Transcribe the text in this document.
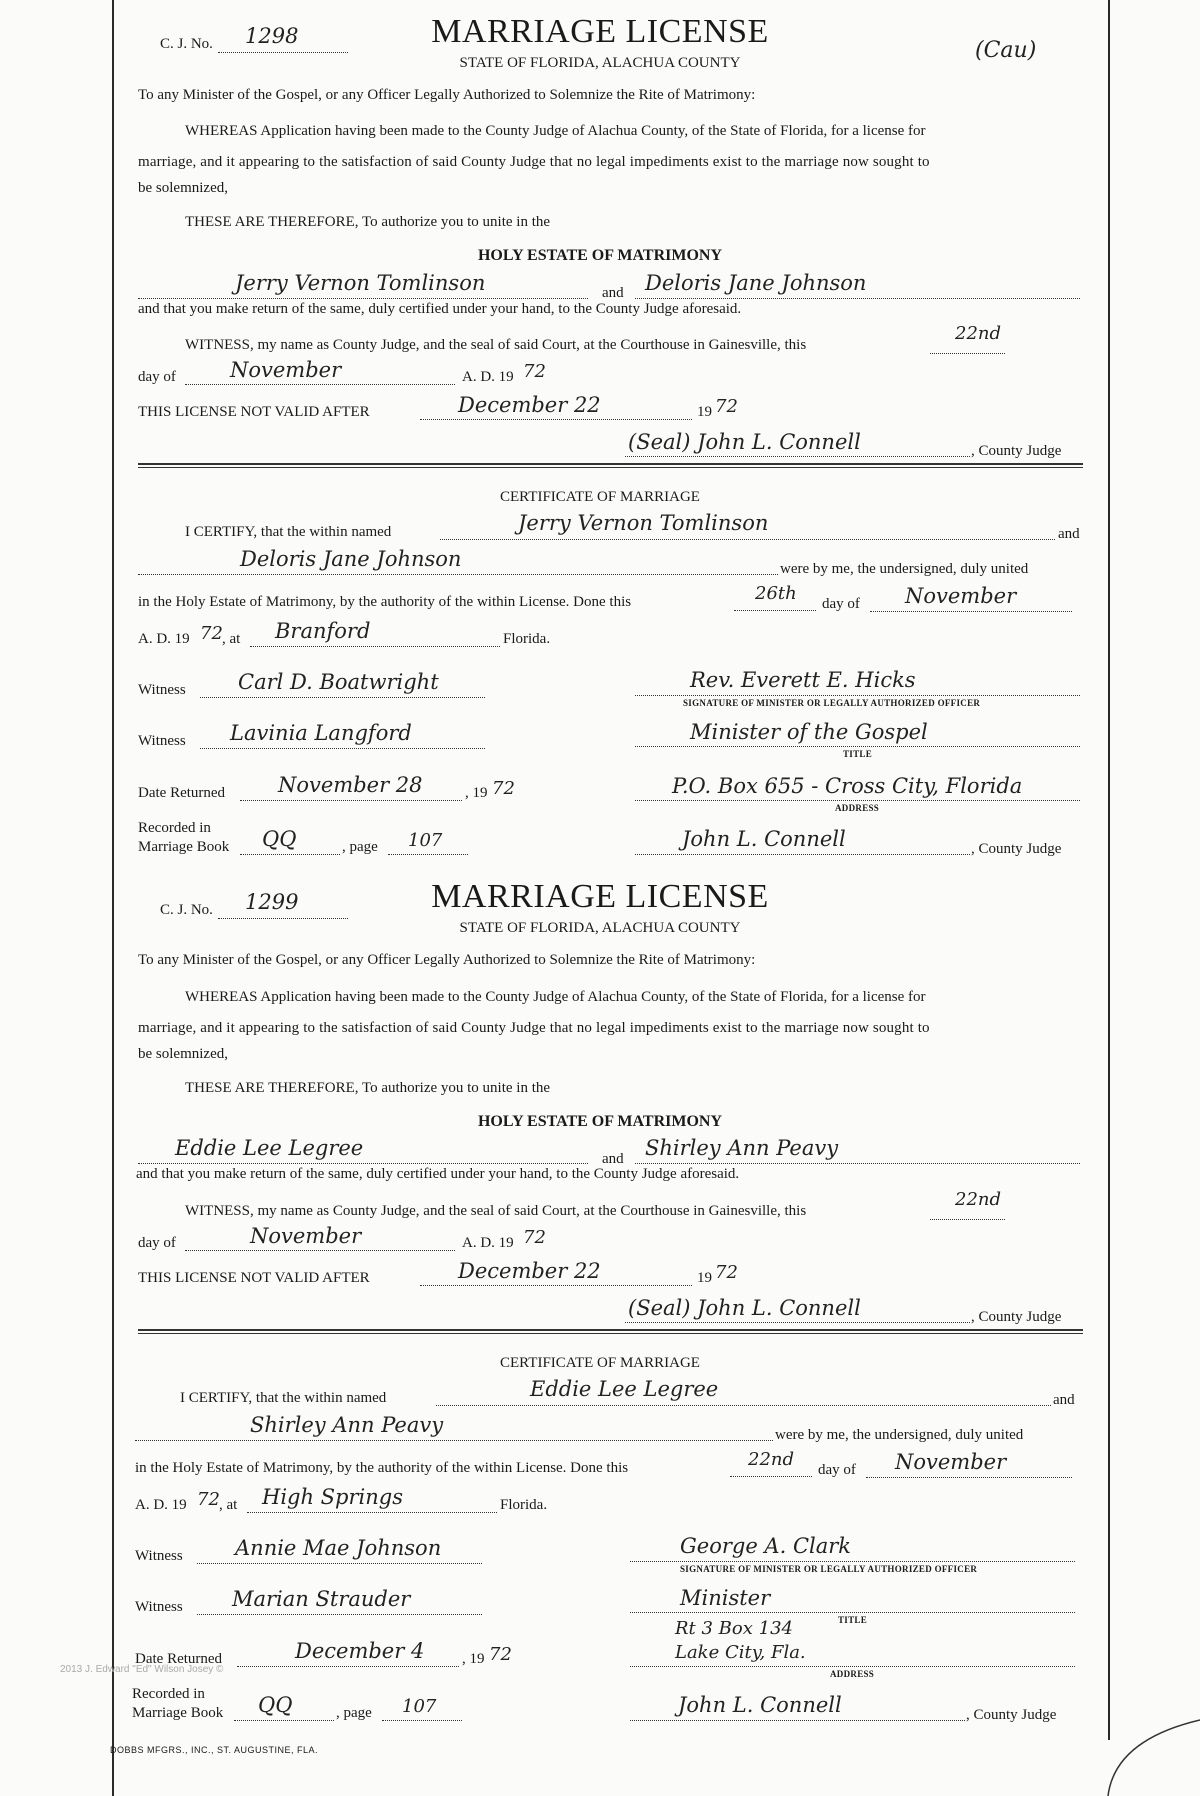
(Cau)
C. J. No. 1298	MARRIAGE LICENSE
STATE OF FLORIDA, ALACHUA COUNTY
To any Minister of the Gospel, or any Officer Legally Authorized to Solemnize the Rite of Matrimony:
WHEREAS Application having been made to the County Judge of Alachua County, of the State of Florida, for a license for
marriage, and it appearing to the satisfaction of said County Judge that no legal impediments exist to the marriage now sought to
be solemnized,
THESE ARE THEREFORE, To authorize you to unite in the
HOLY ESTATE OF MATRIMONY
Jerry Vernon Tomlinson	and Deloris Jane Johnson
and that you make return of the same, duly certified under your hand, to the County Judge aforesaid.
WITNESS, my name as County Judge, and the seal of said Court, at the Courthouse in Gainesville, this
22nd
day of	November	A. D. 19 72
THIS LICENSE NOT VALID AFTER	December 22	19 72
(Seal) John L. Connell	, County Judge
CERTIFICATE OF MARRIAGE
I CERTIFY, that the within named	Jerry Vernon Tomlinson	and
Deloris Jane Johnson	were by me, the undersigned, duly united
in the Holy Estate of Matrimony, by the authority of the within License. Done this	26th day of November
A. D. 19 72 , at Branford	Florida.
Witness Carl D. Boatwright	Rev. Everett E. Hicks
SIGNATURE OF MINISTER OR LEGALLY AUTHORIZED OFFICER
Witness Lavinia Langford	Minister of the Gospel
TITLE
Date Returned	November 28	, 19 72	P.O. Box 655 - Cross City, Florida
ADDRESS
Recorded in
Marriage Book QQ	, page 107	John L. Connell	, County Judge
C. J. No. 1299	MARRIAGE LICENSE
STATE OF FLORIDA, ALACHUA COUNTY
To any Minister of the Gospel, or any Officer Legally Authorized to Solemnize the Rite of Matrimony:
WHEREAS Application having been made to the County Judge of Alachua County, of the State of Florida, for a license for
marriage, and it appearing to the satisfaction of said County Judge that no legal impediments exist to the marriage now sought to
be solemnized,
THESE ARE THEREFORE, To authorize you to unite in the
HOLY ESTATE OF MATRIMONY
Eddie Lee Legree	and Shirley Ann Peavy
and that you make return of the same, duly certified under your hand, to the County Judge aforesaid.
WITNESS, my name as County Judge, and the seal of said Court, at the Courthouse in Gainesville, this
22nd
day of	November	A. D. 19 72
THIS LICENSE NOT VALID AFTER	December 22	19 72
(Seal) John L. Connell	, County Judge
CERTIFICATE OF MARRIAGE
I CERTIFY, that the within named	Eddie Lee Legree	and
Shirley Ann Peavy	were by me, the undersigned, duly united
in the Holy Estate of Matrimony, by the authority of the within License. Done this	22nd day of November
A. D. 19 72 , at High Springs	Florida.
Witness Annie Mae Johnson	George A. Clark
SIGNATURE OF MINISTER OR LEGALLY AUTHORIZED OFFICER
Witness Marian Strauder	Minister
TITLE
Date Returned	December 4	, 19 72
Rt 3 Box 134
Lake City, Fla.
ADDRESS
Recorded in
Marriage Book QQ	, page 107	John L. Connell	, County Judge
2013 J. Edward "Ed" Wilson Josey ©
DOBBS MFGRS., INC., ST. AUGUSTINE, FLA.
